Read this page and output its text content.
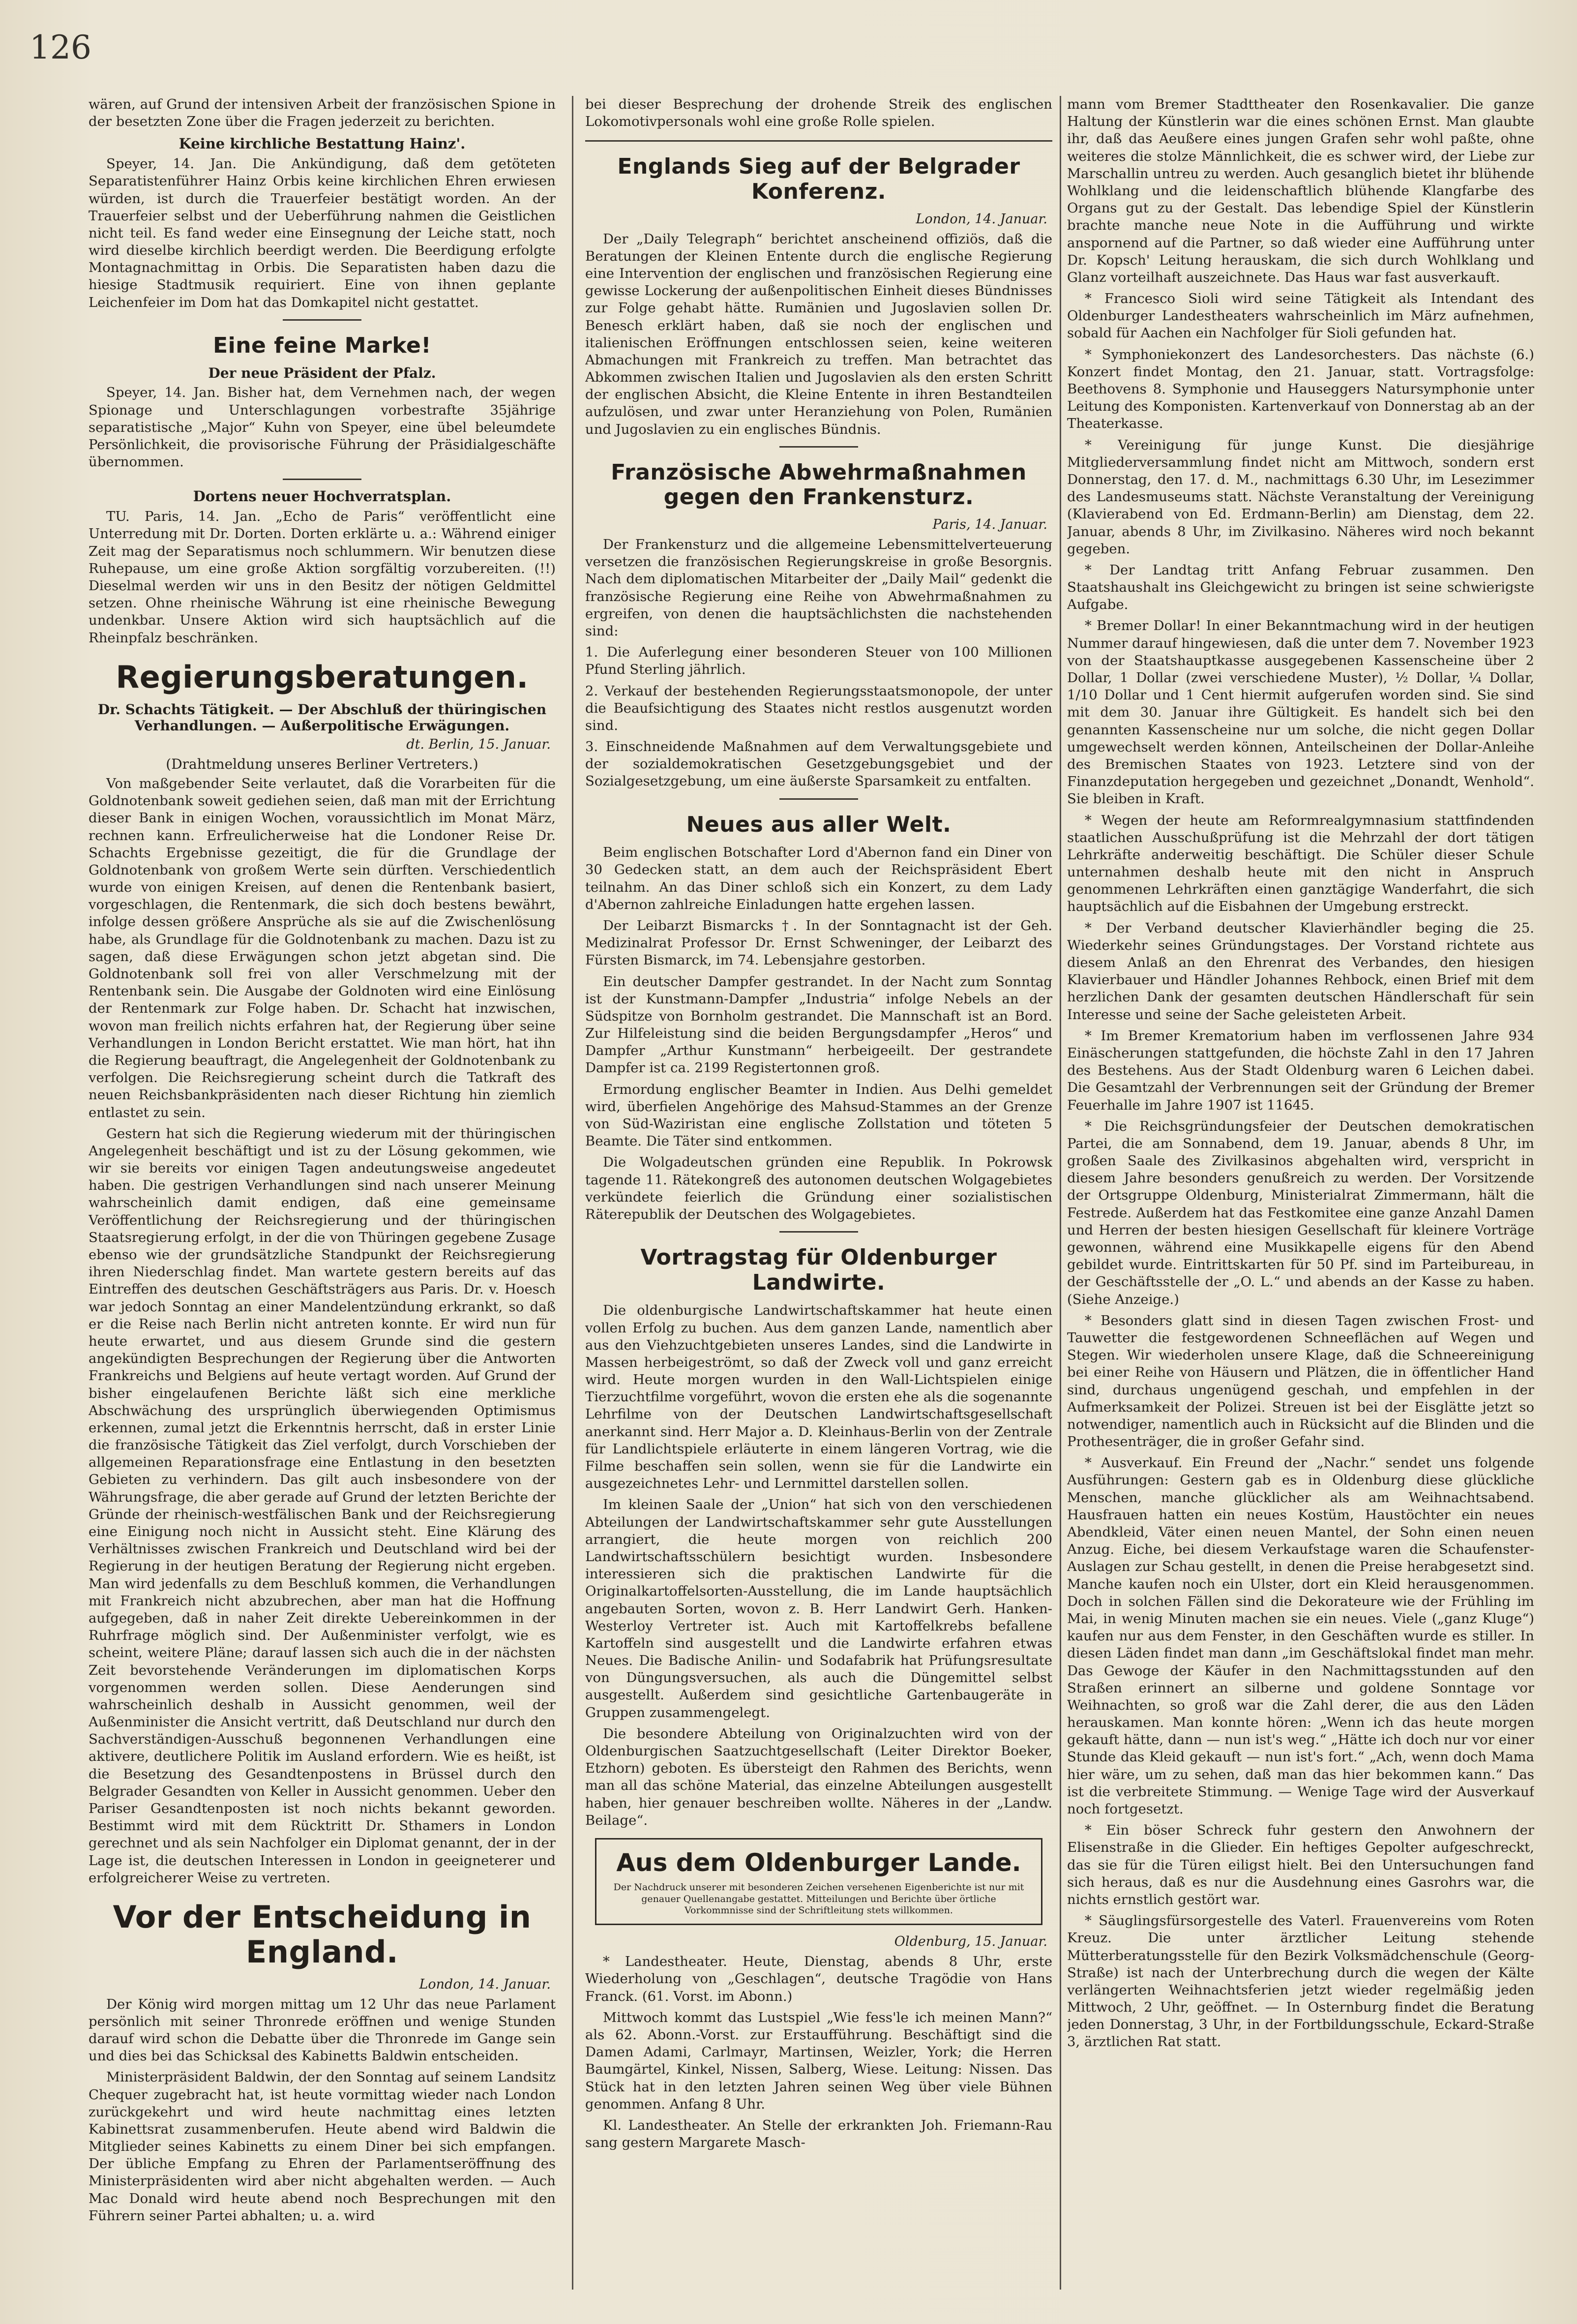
126

wären, auf Grund der intensiven Arbeit der französischen Spione in der besetzten Zone über die Fragen jederzeit zu berichten.

Keine kirchliche Bestattung Hainz'.

Speyer, 14. Jan. Die Ankündigung, daß dem getöteten Separatistenführer Hainz Orbis keine kirchlichen Ehren erwiesen würden, ist durch die Trauerfeier bestätigt worden. An der Trauerfeier selbst und der Ueberführung nahmen die Geistlichen nicht teil. Es fand weder eine Einsegnung der Leiche statt, noch wird dieselbe kirchlich beerdigt werden. Die Beerdigung erfolgte Montagnachmittag in Orbis. Die Separatisten haben dazu die hiesige Stadtmusik requiriert. Eine von ihnen geplante Leichenfeier im Dom hat das Domkapitel nicht gestattet.

Eine feine Marke!
Der neue Präsident der Pfalz.

Speyer, 14. Jan. Bisher hat, dem Vernehmen nach, der wegen Spionage und Unterschlagungen vorbestrafte 35jährige separatistische „Major“ Kuhn von Speyer, eine übel beleumdete Persönlichkeit, die provisorische Führung der Präsidialgeschäfte übernommen.

Dortens neuer Hochverratsplan.

TU. Paris, 14. Jan. „Echo de Paris“ veröffentlicht eine Unterredung mit Dr. Dorten. Dorten erklärte u. a.: Während einiger Zeit mag der Separatismus noch schlummern. Wir benutzen diese Ruhepause, um eine große Aktion sorgfältig vorzubereiten. (!!) Dieselmal werden wir uns in den Besitz der nötigen Geldmittel setzen. Ohne rheinische Währung ist eine rheinische Bewegung undenkbar. Unsere Aktion wird sich hauptsächlich auf die Rheinpfalz beschränken.

Regierungsberatungen.
Dr. Schachts Tätigkeit. — Der Abschluß der thüringischen Verhandlungen. — Außerpolitische Erwägungen.
dt. Berlin, 15. Januar.
(Drahtmeldung unseres Berliner Vertreters.)

Von maßgebender Seite verlautet, daß die Vorarbeiten für die Goldnotenbank soweit gediehen seien, daß man mit der Errichtung dieser Bank in einigen Wochen, voraussichtlich im Monat März, rechnen kann. Erfreulicherweise hat die Londoner Reise Dr. Schachts Ergebnisse gezeitigt, die für die Grundlage der Goldnotenbank von großem Werte sein dürften. Verschiedentlich wurde von einigen Kreisen, auf denen die Rentenbank basiert, vorgeschlagen, die Rentenmark, die sich doch bestens bewährt, infolge dessen größere Ansprüche als sie auf die Zwischenlösung habe, als Grundlage für die Goldnotenbank zu machen. Dazu ist zu sagen, daß diese Erwägungen schon jetzt abgetan sind. Die Goldnotenbank soll frei von aller Verschmelzung mit der Rentenbank sein. Die Ausgabe der Goldnoten wird eine Einlösung der Rentenmark zur Folge haben. Dr. Schacht hat inzwischen, wovon man freilich nichts erfahren hat, der Regierung über seine Verhandlungen in London Bericht erstattet. Wie man hört, hat ihn die Regierung beauftragt, die Angelegenheit der Goldnotenbank zu verfolgen. Die Reichsregierung scheint durch die Tatkraft des neuen Reichsbankpräsidenten nach dieser Richtung hin ziemlich entlastet zu sein.

Gestern hat sich die Regierung wiederum mit der thüringischen Angelegenheit beschäftigt und ist zu der Lösung gekommen, wie wir sie bereits vor einigen Tagen andeutungsweise angedeutet haben. Die gestrigen Verhandlungen sind nach unserer Meinung wahrscheinlich damit endigen, daß eine gemeinsame Veröffentlichung der Reichsregierung und der thüringischen Staatsregierung erfolgt, in der die von Thüringen gegebene Zusage ebenso wie der grundsätzliche Standpunkt der Reichsregierung ihren Niederschlag findet. Man wartete gestern bereits auf das Eintreffen des deutschen Geschäftsträgers aus Paris. Dr. v. Hoesch war jedoch Sonntag an einer Mandelentzündung erkrankt, so daß er die Reise nach Berlin nicht antreten konnte. Er wird nun für heute erwartet, und aus diesem Grunde sind die gestern angekündigten Besprechungen der Regierung über die Antworten Frankreichs und Belgiens auf heute vertagt worden. Auf Grund der bisher eingelaufenen Berichte läßt sich eine merkliche Abschwächung des ursprünglich überwiegenden Optimismus erkennen, zumal jetzt die Erkenntnis herrscht, daß in erster Linie die französische Tätigkeit das Ziel verfolgt, durch Vorschieben der allgemeinen Reparationsfrage eine Entlastung in den besetzten Gebieten zu verhindern. Das gilt auch insbesondere von der Währungsfrage, die aber gerade auf Grund der letzten Berichte der Gründe der rheinisch-westfälischen Bank und der Reichsregierung eine Einigung noch nicht in Aussicht steht. Eine Klärung des Verhältnisses zwischen Frankreich und Deutschland wird bei der Regierung in der heutigen Beratung der Regierung nicht ergeben. Man wird jedenfalls zu dem Beschluß kommen, die Verhandlungen mit Frankreich nicht abzubrechen, aber man hat die Hoffnung aufgegeben, daß in naher Zeit direkte Uebereinkommen in der Ruhrfrage möglich sind. Der Außenminister verfolgt, wie es scheint, weitere Pläne; darauf lassen sich auch die in der nächsten Zeit bevorstehende Veränderungen im diplomatischen Korps vorgenommen werden sollen. Diese Aenderungen sind wahrscheinlich deshalb in Aussicht genommen, weil der Außenminister die Ansicht vertritt, daß Deutschland nur durch den Sachverständigen-Ausschuß begonnenen Verhandlungen eine aktivere, deutlichere Politik im Ausland erfordern. Wie es heißt, ist die Besetzung des Gesandtenpostens in Brüssel durch den Belgrader Gesandten von Keller in Aussicht genommen. Ueber den Pariser Gesandtenposten ist noch nichts bekannt geworden. Bestimmt wird mit dem Rücktritt Dr. Sthamers in London gerechnet und als sein Nachfolger ein Diplomat genannt, der in der Lage ist, die deutschen Interessen in London in geeigneterer und erfolgreicherer Weise zu vertreten.

Vor der Entscheidung in England.
London, 14. Januar.

Der König wird morgen mittag um 12 Uhr das neue Parlament persönlich mit seiner Thronrede eröffnen und wenige Stunden darauf wird schon die Debatte über die Thronrede im Gange sein und dies bei das Schicksal des Kabinetts Baldwin entscheiden.

Ministerpräsident Baldwin, der den Sonntag auf seinem Landsitz Chequer zugebracht hat, ist heute vormittag wieder nach London zurückgekehrt und wird heute nachmittag eines letzten Kabinettsrat zusammenberufen. Heute abend wird Baldwin die Mitglieder seines Kabinetts zu einem Diner bei sich empfangen. Der übliche Empfang zu Ehren der Parlamentseröffnung des Ministerpräsidenten wird aber nicht abgehalten werden. — Auch Mac Donald wird heute abend noch Besprechungen mit den Führern seiner Partei abhalten; u. a. wird

bei dieser Besprechung der drohende Streik des englischen Lokomotivpersonals wohl eine große Rolle spielen.

Englands Sieg auf der Belgrader Konferenz.
London, 14. Januar.

Der „Daily Telegraph“ berichtet anscheinend offiziös, daß die Beratungen der Kleinen Entente durch die englische Regierung eine Intervention der englischen und französischen Regierung eine gewisse Lockerung der außenpolitischen Einheit dieses Bündnisses zur Folge gehabt hätte. Rumänien und Jugoslavien sollen Dr. Benesch erklärt haben, daß sie noch der englischen und italienischen Eröffnungen entschlossen seien, keine weiteren Abmachungen mit Frankreich zu treffen. Man betrachtet das Abkommen zwischen Italien und Jugoslavien als den ersten Schritt der englischen Absicht, die Kleine Entente in ihren Bestandteilen aufzulösen, und zwar unter Heranziehung von Polen, Rumänien und Jugoslavien zu ein englisches Bündnis.

Französische Abwehrmaßnahmen gegen den Frankensturz.
Paris, 14. Januar.

Der Frankensturz und die allgemeine Lebensmittelverteuerung versetzen die französischen Regierungskreise in große Besorgnis. Nach dem diplomatischen Mitarbeiter der „Daily Mail“ gedenkt die französische Regierung eine Reihe von Abwehrmaßnahmen zu ergreifen, von denen die hauptsächlichsten die nachstehenden sind:

1. Die Auferlegung einer besonderen Steuer von 100 Millionen Pfund Sterling jährlich.

2. Verkauf der bestehenden Regierungsstaatsmonopole, der unter die Beaufsichtigung des Staates nicht restlos ausgenutzt worden sind.

3. Einschneidende Maßnahmen auf dem Verwaltungsgebiete und der sozialdemokratischen Gesetzgebungsgebiet und der Sozialgesetzgebung, um eine äußerste Sparsamkeit zu entfalten.

Neues aus aller Welt.

Beim englischen Botschafter Lord d'Abernon fand ein Diner von 30 Gedecken statt, an dem auch der Reichspräsident Ebert teilnahm. An das Diner schloß sich ein Konzert, zu dem Lady d'Abernon zahlreiche Einladungen hatte ergehen lassen.

Der Leibarzt Bismarcks †. In der Sonntagnacht ist der Geh. Medizinalrat Professor Dr. Ernst Schweninger, der Leibarzt des Fürsten Bismarck, im 74. Lebensjahre gestorben.

Ein deutscher Dampfer gestrandet. In der Nacht zum Sonntag ist der Kunstmann-Dampfer „Industria“ infolge Nebels an der Südspitze von Bornholm gestrandet. Die Mannschaft ist an Bord. Zur Hilfeleistung sind die beiden Bergungsdampfer „Heros“ und Dampfer „Arthur Kunstmann“ herbeigeeilt. Der gestrandete Dampfer ist ca. 2199 Registertonnen groß.

Ermordung englischer Beamter in Indien. Aus Delhi gemeldet wird, überfielen Angehörige des Mahsud-Stammes an der Grenze von Süd-Waziristan eine englische Zollstation und töteten 5 Beamte. Die Täter sind entkommen.

Die Wolgadeutschen gründen eine Republik. In Pokrowsk tagende 11. Rätekongreß des autonomen deutschen Wolgagebietes verkündete feierlich die Gründung einer sozialistischen Räterepublik der Deutschen des Wolgagebietes.

Vortragstag für Oldenburger Landwirte.

Die oldenburgische Landwirtschaftskammer hat heute einen vollen Erfolg zu buchen. Aus dem ganzen Lande, namentlich aber aus den Viehzuchtgebieten unseres Landes, sind die Landwirte in Massen herbeigeströmt, so daß der Zweck voll und ganz erreicht wird. Heute morgen wurden in den Wall-Lichtspielen einige Tierzuchtfilme vorgeführt, wovon die ersten ehe als die sogenannte Lehrfilme von der Deutschen Landwirtschaftsgesellschaft anerkannt sind. Herr Major a. D. Kleinhaus-Berlin von der Zentrale für Landlichtspiele erläuterte in einem längeren Vortrag, wie die Filme beschaffen sein sollen, wenn sie für die Landwirte ein ausgezeichnetes Lehr- und Lernmittel darstellen sollen.

Im kleinen Saale der „Union“ hat sich von den verschiedenen Abteilungen der Landwirtschaftskammer sehr gute Ausstellungen arrangiert, die heute morgen von reichlich 200 Landwirtschaftsschülern besichtigt wurden. Insbesondere interessieren sich die praktischen Landwirte für die Originalkartoffelsorten-Ausstellung, die im Lande hauptsächlich angebauten Sorten, wovon z. B. Herr Landwirt Gerh. Hanken-Westerloy Vertreter ist. Auch mit Kartoffelkrebs befallene Kartoffeln sind ausgestellt und die Landwirte erfahren etwas Neues. Die Badische Anilin- und Sodafabrik hat Prüfungsresultate von Düngungsversuchen, als auch die Düngemittel selbst ausgestellt. Außerdem sind gesichtliche Gartenbaugeräte in Gruppen zusammengelegt.

Die besondere Abteilung von Originalzuchten wird von der Oldenburgischen Saatzuchtgesellschaft (Leiter Direktor Boeker, Etzhorn) geboten. Es übersteigt den Rahmen des Berichts, wenn man all das schöne Material, das einzelne Abteilungen ausgestellt haben, hier genauer beschreiben wollte. Näheres in der „Landw. Beilage“.

Aus dem Oldenburger Lande.
Der Nachdruck unserer mit besonderen Zeichen versehenen Eigenberichte ist nur mit genauer Quellenangabe gestattet. Mitteilungen und Berichte über örtliche Vorkommnisse sind der Schriftleitung stets willkommen.
Oldenburg, 15. Januar.

* Landestheater. Heute, Dienstag, abends 8 Uhr, erste Wiederholung von „Geschlagen“, deutsche Tragödie von Hans Franck. (61. Vorst. im Abonn.)

Mittwoch kommt das Lustspiel „Wie fess'le ich meinen Mann?“ als 62. Abonn.-Vorst. zur Erstaufführung. Beschäftigt sind die Damen Adami, Carlmayr, Martinsen, Weizler, York; die Herren Baumgärtel, Kinkel, Nissen, Salberg, Wiese. Leitung: Nissen. Das Stück hat in den letzten Jahren seinen Weg über viele Bühnen genommen. Anfang 8 Uhr.

Kl. Landestheater. An Stelle der erkrankten Joh. Friemann-Rau sang gestern Margarete Masch-

mann vom Bremer Stadttheater den Rosenkavalier. Die ganze Haltung der Künstlerin war die eines schönen Ernst. Man glaubte ihr, daß das Aeußere eines jungen Grafen sehr wohl paßte, ohne weiteres die stolze Männlichkeit, die es schwer wird, der Liebe zur Marschallin untreu zu werden. Auch gesanglich bietet ihr blühende Wohlklang und die leidenschaftlich blühende Klangfarbe des Organs gut zu der Gestalt. Das lebendige Spiel der Künstlerin brachte manche neue Note in die Aufführung und wirkte anspornend auf die Partner, so daß wieder eine Aufführung unter Dr. Kopsch' Leitung herauskam, die sich durch Wohlklang und Glanz vorteilhaft auszeichnete. Das Haus war fast ausverkauft.

* Francesco Sioli wird seine Tätigkeit als Intendant des Oldenburger Landestheaters wahrscheinlich im März aufnehmen, sobald für Aachen ein Nachfolger für Sioli gefunden hat.

* Symphoniekonzert des Landesorchesters. Das nächste (6.) Konzert findet Montag, den 21. Januar, statt. Vortragsfolge: Beethovens 8. Symphonie und Hauseggers Natursymphonie unter Leitung des Komponisten. Kartenverkauf von Donnerstag ab an der Theaterkasse.

* Vereinigung für junge Kunst. Die diesjährige Mitgliederversammlung findet nicht am Mittwoch, sondern erst Donnerstag, den 17. d. M., nachmittags 6.30 Uhr, im Lesezimmer des Landesmuseums statt. Nächste Veranstaltung der Vereinigung (Klavierabend von Ed. Erdmann-Berlin) am Dienstag, dem 22. Januar, abends 8 Uhr, im Zivilkasino. Näheres wird noch bekannt gegeben.

* Der Landtag tritt Anfang Februar zusammen. Den Staatshaushalt ins Gleichgewicht zu bringen ist seine schwierigste Aufgabe.

* Bremer Dollar! In einer Bekanntmachung wird in der heutigen Nummer darauf hingewiesen, daß die unter dem 7. November 1923 von der Staatshauptkasse ausgegebenen Kassenscheine über 2 Dollar, 1 Dollar (zwei verschiedene Muster), ½ Dollar, ¼ Dollar, 1/10 Dollar und 1 Cent hiermit aufgerufen worden sind. Sie sind mit dem 30. Januar ihre Gültigkeit. Es handelt sich bei den genannten Kassenscheine nur um solche, die nicht gegen Dollar umgewechselt werden können, Anteilscheinen der Dollar-Anleihe des Bremischen Staates von 1923. Letztere sind von der Finanzdeputation hergegeben und gezeichnet „Donandt, Wenhold“. Sie bleiben in Kraft.

* Wegen der heute am Reformrealgymnasium stattfindenden staatlichen Ausschußprüfung ist die Mehrzahl der dort tätigen Lehrkräfte anderweitig beschäftigt. Die Schüler dieser Schule unternahmen deshalb heute mit den nicht in Anspruch genommenen Lehrkräften einen ganztägige Wanderfahrt, die sich hauptsächlich auf die Eisbahnen der Umgebung erstreckt.

* Der Verband deutscher Klavierhändler beging die 25. Wiederkehr seines Gründungstages. Der Vorstand richtete aus diesem Anlaß an den Ehrenrat des Verbandes, den hiesigen Klavierbauer und Händler Johannes Rehbock, einen Brief mit dem herzlichen Dank der gesamten deutschen Händlerschaft für sein Interesse und seine der Sache geleisteten Arbeit.

* Im Bremer Krematorium haben im verflossenen Jahre 934 Einäscherungen stattgefunden, die höchste Zahl in den 17 Jahren des Bestehens. Aus der Stadt Oldenburg waren 6 Leichen dabei. Die Gesamtzahl der Verbrennungen seit der Gründung der Bremer Feuerhalle im Jahre 1907 ist 11645.

* Die Reichsgründungsfeier der Deutschen demokratischen Partei, die am Sonnabend, dem 19. Januar, abends 8 Uhr, im großen Saale des Zivilkasinos abgehalten wird, verspricht in diesem Jahre besonders genußreich zu werden. Der Vorsitzende der Ortsgruppe Oldenburg, Ministerialrat Zimmermann, hält die Festrede. Außerdem hat das Festkomitee eine ganze Anzahl Damen und Herren der besten hiesigen Gesellschaft für kleinere Vorträge gewonnen, während eine Musikkapelle eigens für den Abend gebildet wurde. Eintrittskarten für 50 Pf. sind im Parteibureau, in der Geschäftsstelle der „O. L.“ und abends an der Kasse zu haben. (Siehe Anzeige.)

* Besonders glatt sind in diesen Tagen zwischen Frost- und Tauwetter die festgewordenen Schneeflächen auf Wegen und Stegen. Wir wiederholen unsere Klage, daß die Schneereinigung bei einer Reihe von Häusern und Plätzen, die in öffentlicher Hand sind, durchaus ungenügend geschah, und empfehlen in der Aufmerksamkeit der Polizei. Streuen ist bei der Eisglätte jetzt so notwendiger, namentlich auch in Rücksicht auf die Blinden und die Prothesenträger, die in großer Gefahr sind.

* Ausverkauf. Ein Freund der „Nachr.“ sendet uns folgende Ausführungen: Gestern gab es in Oldenburg diese glückliche Menschen, manche glücklicher als am Weihnachtsabend. Hausfrauen hatten ein neues Kostüm, Haustöchter ein neues Abendkleid, Väter einen neuen Mantel, der Sohn einen neuen Anzug. Eiche, bei diesem Verkaufstage waren die Schaufenster-Auslagen zur Schau gestellt, in denen die Preise herabgesetzt sind. Manche kaufen noch ein Ulster, dort ein Kleid herausgenommen. Doch in solchen Fällen sind die Dekorateure wie der Frühling im Mai, in wenig Minuten machen sie ein neues. Viele („ganz Kluge“) kaufen nur aus dem Fenster, in den Geschäften wurde es stiller. In diesen Läden findet man dann „im Geschäftslokal findet man mehr. Das Gewoge der Käufer in den Nachmittagsstunden auf den Straßen erinnert an silberne und goldene Sonntage vor Weihnachten, so groß war die Zahl derer, die aus den Läden herauskamen. Man konnte hören: „Wenn ich das heute morgen gekauft hätte, dann — nun ist's weg.“ „Hätte ich doch nur vor einer Stunde das Kleid gekauft — nun ist's fort.“ „Ach, wenn doch Mama hier wäre, um zu sehen, daß man das hier bekommen kann.“ Das ist die verbreitete Stimmung. — Wenige Tage wird der Ausverkauf noch fortgesetzt.

* Ein böser Schreck fuhr gestern den Anwohnern der Elisenstraße in die Glieder. Ein heftiges Gepolter aufgeschreckt, das sie für die Türen eiligst hielt. Bei den Untersuchungen fand sich heraus, daß es nur die Ausdehnung eines Gasrohrs war, die nichts ernstlich gestört war.

* Säuglingsfürsorgestelle des Vaterl. Frauenvereins vom Roten Kreuz. Die unter ärztlicher Leitung stehende Mütterberatungsstelle für den Bezirk Volksmädchenschule (Georg-Straße) ist nach der Unterbrechung durch die wegen der Kälte verlängerten Weihnachtsferien jetzt wieder regelmäßig jeden Mittwoch, 2 Uhr, geöffnet. — In Osternburg findet die Beratung jeden Donnerstag, 3 Uhr, in der Fortbildungsschule, Eckard-Straße 3, ärztlichen Rat statt.
